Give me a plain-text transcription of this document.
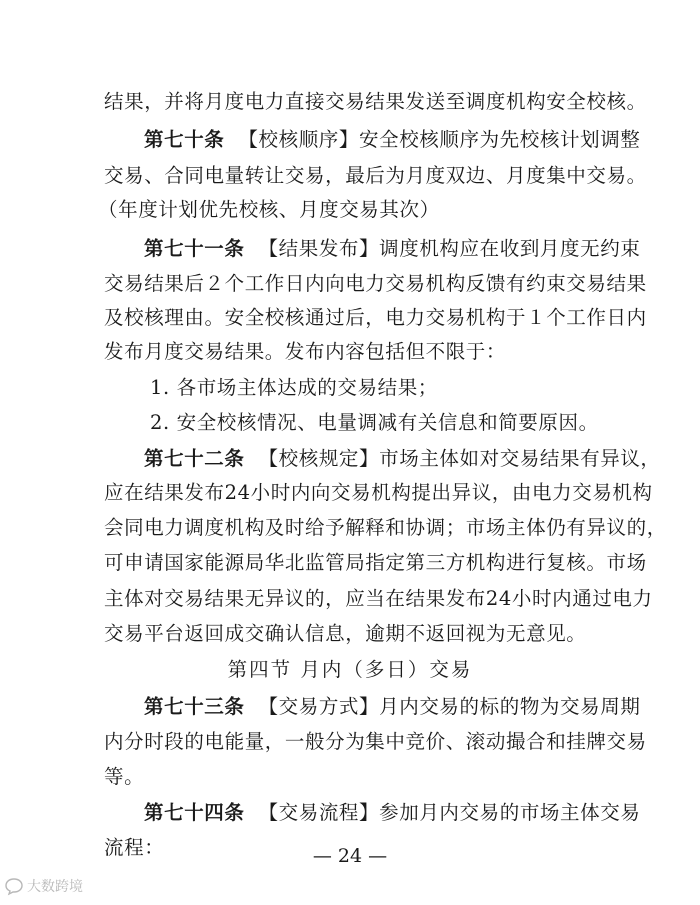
结果，并将月度电力直接交易结果发送至调度机构安全校核。
第七十条 【校核顺序】安全校核顺序为先校核计划调整
交易、合同电量转让交易，最后为月度双边、月度集中交易。
（年度计划优先校核、月度交易其次）
第七十一条 【结果发布】调度机构应在收到月度无约束
交易结果后２个工作日内向电力交易机构反馈有约束交易结果
及校核理由。安全校核通过后，电力交易机构于１个工作日内
发布月度交易结果。发布内容包括但不限于：
1. 各市场主体达成的交易结果；
2. 安全校核情况、电量调减有关信息和简要原因。
第七十二条 【校核规定】市场主体如对交易结果有异议，
应在结果发布24小时内向交易机构提出异议，由电力交易机构
会同电力调度机构及时给予解释和协调；市场主体仍有异议的，
可申请国家能源局华北监管局指定第三方机构进行复核。市场
主体对交易结果无异议的，应当在结果发布24小时内通过电力
交易平台返回成交确认信息，逾期不返回视为无意见。
第四节 月内（多日）交易
第七十三条 【交易方式】月内交易的标的物为交易周期
内分时段的电能量，一般分为集中竞价、滚动撮合和挂牌交易
等。
第七十四条 【交易流程】参加月内交易的市场主体交易
流程：	— 24 —
大数跨境
